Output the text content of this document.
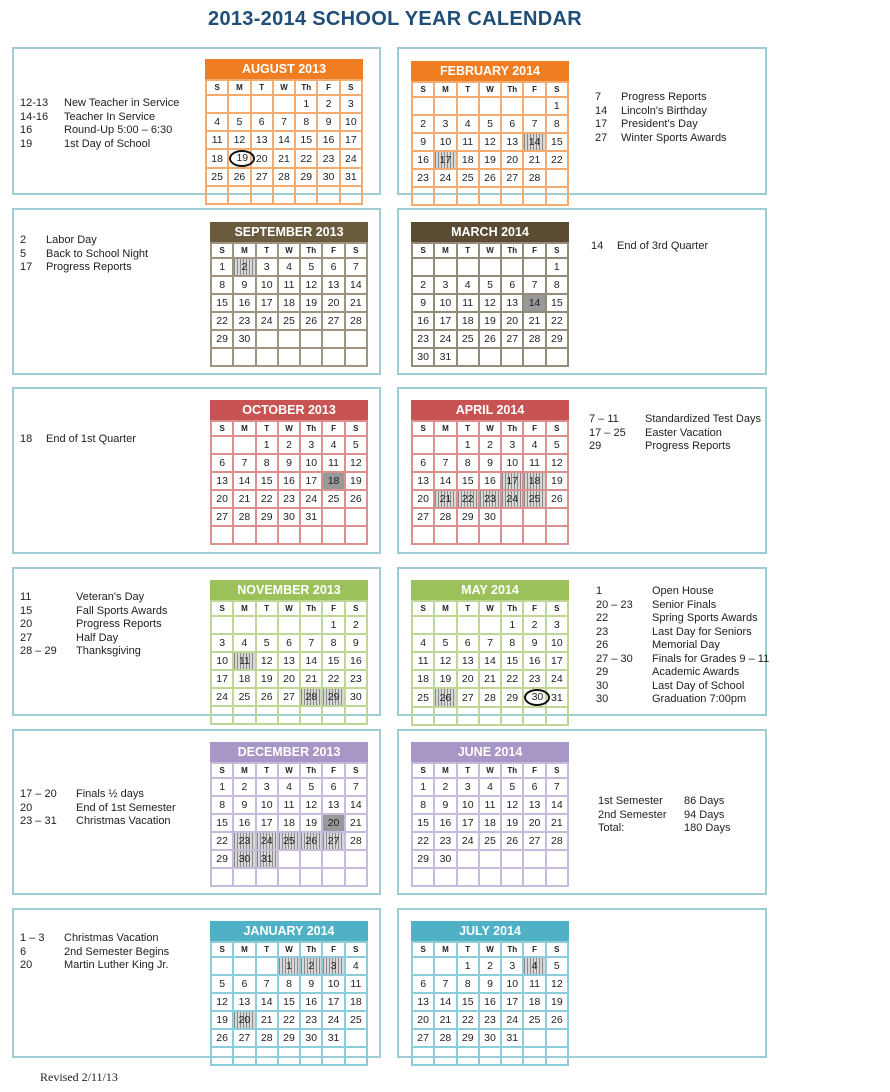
2013-2014 SCHOOL YEAR CALENDAR
12-13 New Teacher in Service
14-16 Teacher In Service
16	Round-Up 5:00 – 6:30
19	1st Day of School
AUGUST 2013
S	M	T	W	Th	F	S
				1	2	3
4	5	6	7	8	9	10
11	12	13	14	15	16	17
18	19	20	21	22	23	24
25	26	27	28	29	30	31

FEBRUARY 2014
S	M	T	W	Th	F	S
						1
2	3	4	5	6	7	8
9	10	11	12	13	14	15
16	17	18	19	20	21	22
23	24	25	26	27	28	

7 Progress Reports
14 Lincoln's Birthday
17 President's Day
27 Winter Sports Awards
2 Labor Day
5 Back to School Night
17 Progress Reports
SEPTEMBER 2013
S	M	T	W	Th	F	S
1	2	3	4	5	6	7
8	9	10	11	12	13	14
15	16	17	18	19	20	21
22	23	24	25	26	27	28
29	30					

MARCH 2014
S	M	T	W	Th	F	S
						1
2	3	4	5	6	7	8
9	10	11	12	13	14	15
16	17	18	19	20	21	22
23	24	25	26	27	28	29
30	31					
14 End of 3rd Quarter
18 End of 1st Quarter
OCTOBER 2013
S	M	T	W	Th	F	S
		1	2	3	4	5
6	7	8	9	10	11	12
13	14	15	16	17	18	19
20	21	22	23	24	25	26
27	28	29	30	31		

APRIL 2014
S	M	T	W	Th	F	S
		1	2	3	4	5
6	7	8	9	10	11	12
13	14	15	16	17	18	19
20	21	22	23	24	25	26
27	28	29	30			

7 – 11 Standardized Test Days
17 – 25 Easter Vacation
29	Progress Reports
11	Veteran's Day
15	Fall Sports Awards
20	Progress Reports
27	Half Day
28 – 29 Thanksgiving
NOVEMBER 2013
S	M	T	W	Th	F	S
					1	2
3	4	5	6	7	8	9
10	11	12	13	14	15	16
17	18	19	20	21	22	23
24	25	26	27	28	29	30

MAY 2014
S	M	T	W	Th	F	S
				1	2	3
4	5	6	7	8	9	10
11	12	13	14	15	16	17
18	19	20	21	22	23	24
25	26	27	28	29	30	31

1	Open House
20 – 23 Senior Finals
22	Spring Sports Awards
23	Last Day for Seniors
26	Memorial Day
27 – 30 Finals for Grades 9 – 11
29	Academic Awards
30	Last Day of School
30	Graduation 7:00pm
17 – 20 Finals ½ days
20	End of 1st Semester
23 – 31 Christmas Vacation
DECEMBER 2013
S	M	T	W	Th	F	S
1	2	3	4	5	6	7
8	9	10	11	12	13	14
15	16	17	18	19	20	21
22	23	24	25	26	27	28
29	30	31				

JUNE 2014
S	M	T	W	Th	F	S
1	2	3	4	5	6	7
8	9	10	11	12	13	14
15	16	17	18	19	20	21
22	23	24	25	26	27	28
29	30					

1st Semester 86 Days
2nd Semester 94 Days
Total:	180 Days
1 – 3 Christmas Vacation
6	2nd Semester Begins
20	Martin Luther King Jr.
JANUARY 2014
S	M	T	W	Th	F	S
			1	2	3	4
5	6	7	8	9	10	11
12	13	14	15	16	17	18
19	20	21	22	23	24	25
26	27	28	29	30	31	

JULY 2014
S	M	T	W	Th	F	S
		1	2	3	4	5
6	7	8	9	10	11	12
13	14	15	16	17	18	19
20	21	22	23	24	25	26
27	28	29	30	31		

Revised 2/11/13
